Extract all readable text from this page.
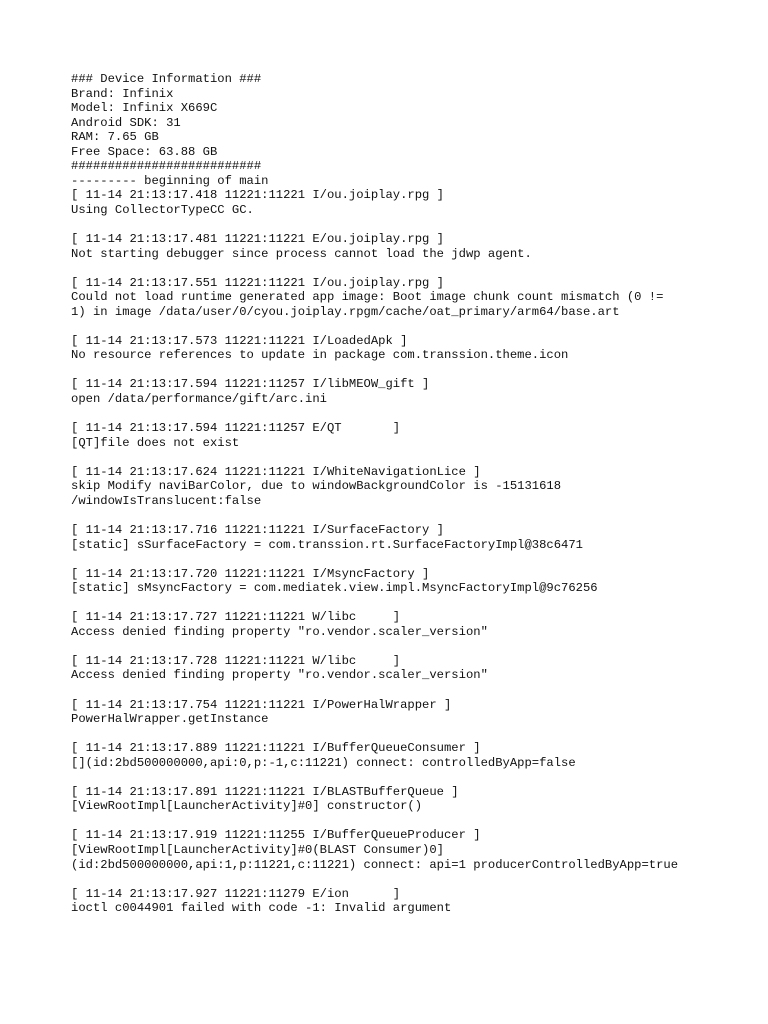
### Device Information ###
Brand: Infinix
Model: Infinix X669C
Android SDK: 31
RAM: 7.65 GB
Free Space: 63.88 GB
##########################
--------- beginning of main
[ 11-14 21:13:17.418 11221:11221 I/ou.joiplay.rpg ]
Using CollectorTypeCC GC.
[ 11-14 21:13:17.481 11221:11221 E/ou.joiplay.rpg ]
Not starting debugger since process cannot load the jdwp agent.
[ 11-14 21:13:17.551 11221:11221 I/ou.joiplay.rpg ]
Could not load runtime generated app image: Boot image chunk count mismatch (0 !=
1) in image /data/user/0/cyou.joiplay.rpgm/cache/oat_primary/arm64/base.art
[ 11-14 21:13:17.573 11221:11221 I/LoadedApk ]
No resource references to update in package com.transsion.theme.icon
[ 11-14 21:13:17.594 11221:11257 I/libMEOW_gift ]
open /data/performance/gift/arc.ini
[ 11-14 21:13:17.594 11221:11257 E/QT       ]
[QT]file does not exist
[ 11-14 21:13:17.624 11221:11221 I/WhiteNavigationLice ]
skip Modify naviBarColor, due to windowBackgroundColor is -15131618
/windowIsTranslucent:false
[ 11-14 21:13:17.716 11221:11221 I/SurfaceFactory ]
[static] sSurfaceFactory = com.transsion.rt.SurfaceFactoryImpl@38c6471
[ 11-14 21:13:17.720 11221:11221 I/MsyncFactory ]
[static] sMsyncFactory = com.mediatek.view.impl.MsyncFactoryImpl@9c76256
[ 11-14 21:13:17.727 11221:11221 W/libc     ]
Access denied finding property "ro.vendor.scaler_version"
[ 11-14 21:13:17.728 11221:11221 W/libc     ]
Access denied finding property "ro.vendor.scaler_version"
[ 11-14 21:13:17.754 11221:11221 I/PowerHalWrapper ]
PowerHalWrapper.getInstance
[ 11-14 21:13:17.889 11221:11221 I/BufferQueueConsumer ]
[](id:2bd500000000,api:0,p:-1,c:11221) connect: controlledByApp=false
[ 11-14 21:13:17.891 11221:11221 I/BLASTBufferQueue ]
[ViewRootImpl[LauncherActivity]#0] constructor()
[ 11-14 21:13:17.919 11221:11255 I/BufferQueueProducer ]
[ViewRootImpl[LauncherActivity]#0(BLAST Consumer)0]
(id:2bd500000000,api:1,p:11221,c:11221) connect: api=1 producerControlledByApp=true
[ 11-14 21:13:17.927 11221:11279 E/ion      ]
ioctl c0044901 failed with code -1: Invalid argument
